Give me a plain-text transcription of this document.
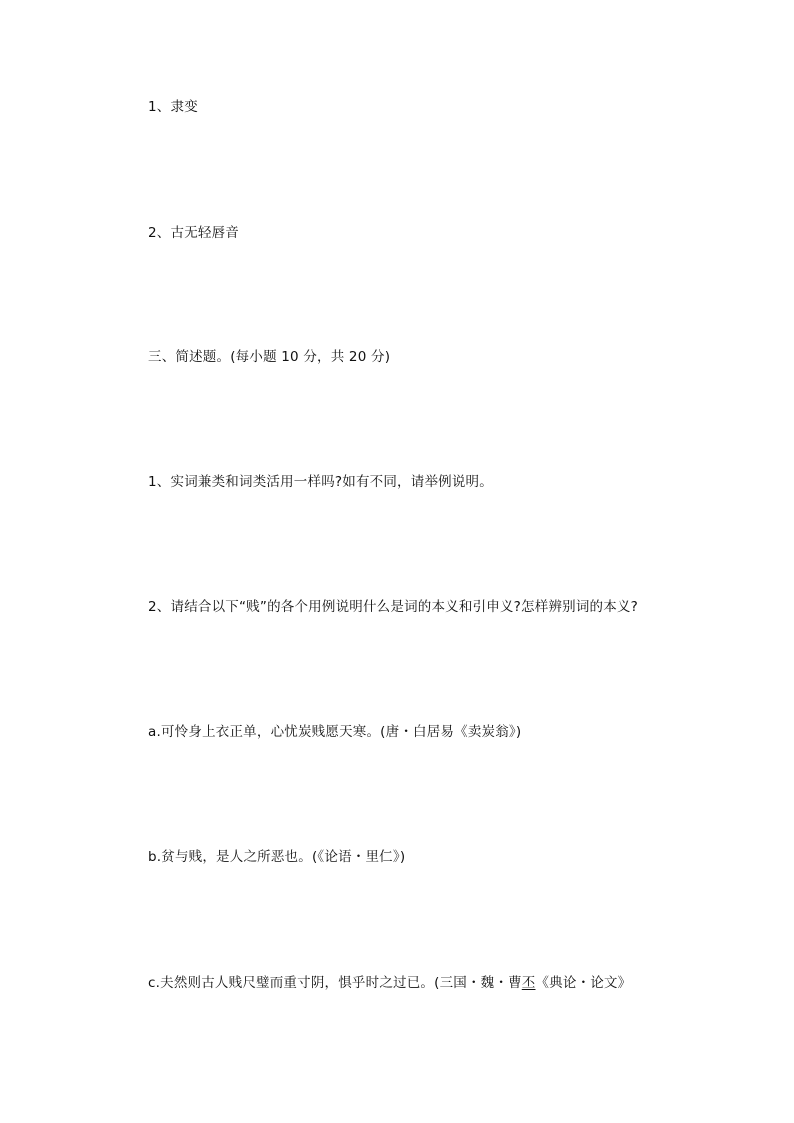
1、隶变
2、古无轻唇音
三、简述题。(每小题 10 分，共 20 分)
1、实词兼类和词类活用一样吗?如有不同，请举例说明。
2、请结合以下“贱”的各个用例说明什么是词的本义和引申义?怎样辨别词的本义?
a.可怜身上衣正单，心忧炭贱愿天寒。(唐・白居易《卖炭翁》)
b.贫与贱，是人之所恶也。(《论语・里仁》)
c.夫然则古人贱尺璧而重寸阴，惧乎时之过已。(三国・魏・曹丕《典论・论文》
